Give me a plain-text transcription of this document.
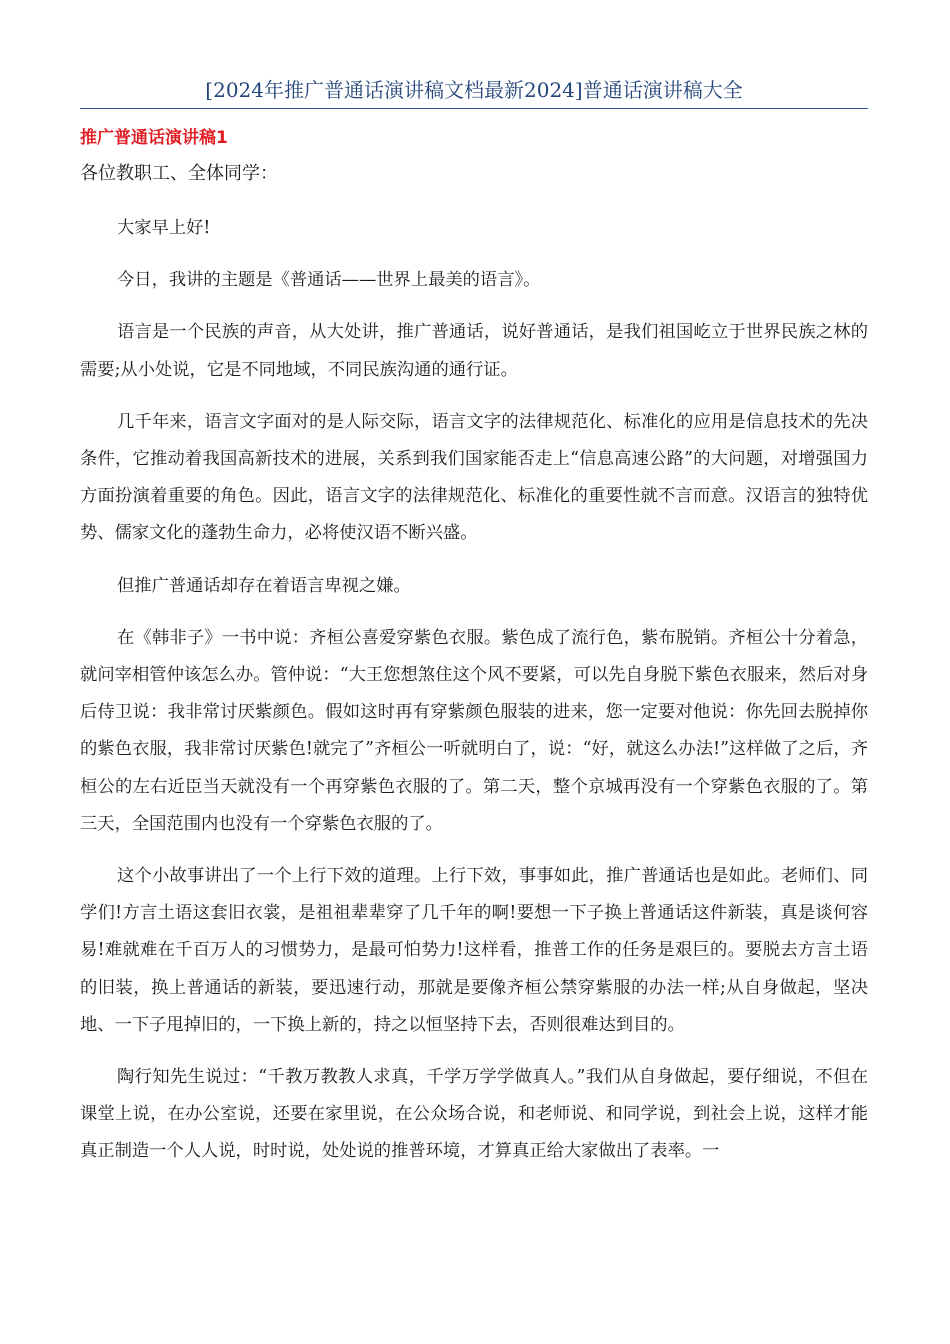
[2024年推广普通话演讲稿文档最新2024]普通话演讲稿大全
推广普通话演讲稿1
各位教职工、全体同学：

大家早上好!

今日，我讲的主题是《普通话——世界上最美的语言》。

语言是一个民族的声音，从大处讲，推广普通话，说好普通话，是我们祖国屹立于世界民族之林的需要;从小处说，它是不同地域，不同民族沟通的通行证。

几千年来，语言文字面对的是人际交际，语言文字的法律规范化、标准化的应用是信息技术的先决条件，它推动着我国高新技术的进展，关系到我们国家能否走上“信息高速公路”的大问题，对增强国力方面扮演着重要的角色。因此，语言文字的法律规范化、标准化的重要性就不言而意。汉语言的独特优势、儒家文化的蓬勃生命力，必将使汉语不断兴盛。

但推广普通话却存在着语言卑视之嫌。

在《韩非子》一书中说：齐桓公喜爱穿紫色衣服。紫色成了流行色，紫布脱销。齐桓公十分着急，就问宰相管仲该怎么办。管仲说：“大王您想煞住这个风不要紧，可以先自身脱下紫色衣服来，然后对身后侍卫说：我非常讨厌紫颜色。假如这时再有穿紫颜色服装的进来，您一定要对他说：你先回去脱掉你的紫色衣服，我非常讨厌紫色!就完了”齐桓公一听就明白了，说：“好，就这么办法!”这样做了之后，齐桓公的左右近臣当天就没有一个再穿紫色衣服的了。第二天，整个京城再没有一个穿紫色衣服的了。第三天，全国范围内也没有一个穿紫色衣服的了。

这个小故事讲出了一个上行下效的道理。上行下效，事事如此，推广普通话也是如此。老师们、同学们!方言土语这套旧衣裳，是祖祖辈辈穿了几千年的啊!要想一下子换上普通话这件新装，真是谈何容易!难就难在千百万人的习惯势力，是最可怕势力!这样看，推普工作的任务是艰巨的。要脱去方言土语的旧装，换上普通话的新装，要迅速行动，那就是要像齐桓公禁穿紫服的办法一样;从自身做起，坚决地、一下子甩掉旧的，一下换上新的，持之以恒坚持下去，否则很难达到目的。

陶行知先生说过：“千教万教教人求真，千学万学学做真人。”我们从自身做起，要仔细说，不但在课堂上说，在办公室说，还要在家里说，在公众场合说，和老师说、和同学说，到社会上说，这样才能真正制造一个人人说，时时说，处处说的推普环境，才算真正给大家做出了表率。一
